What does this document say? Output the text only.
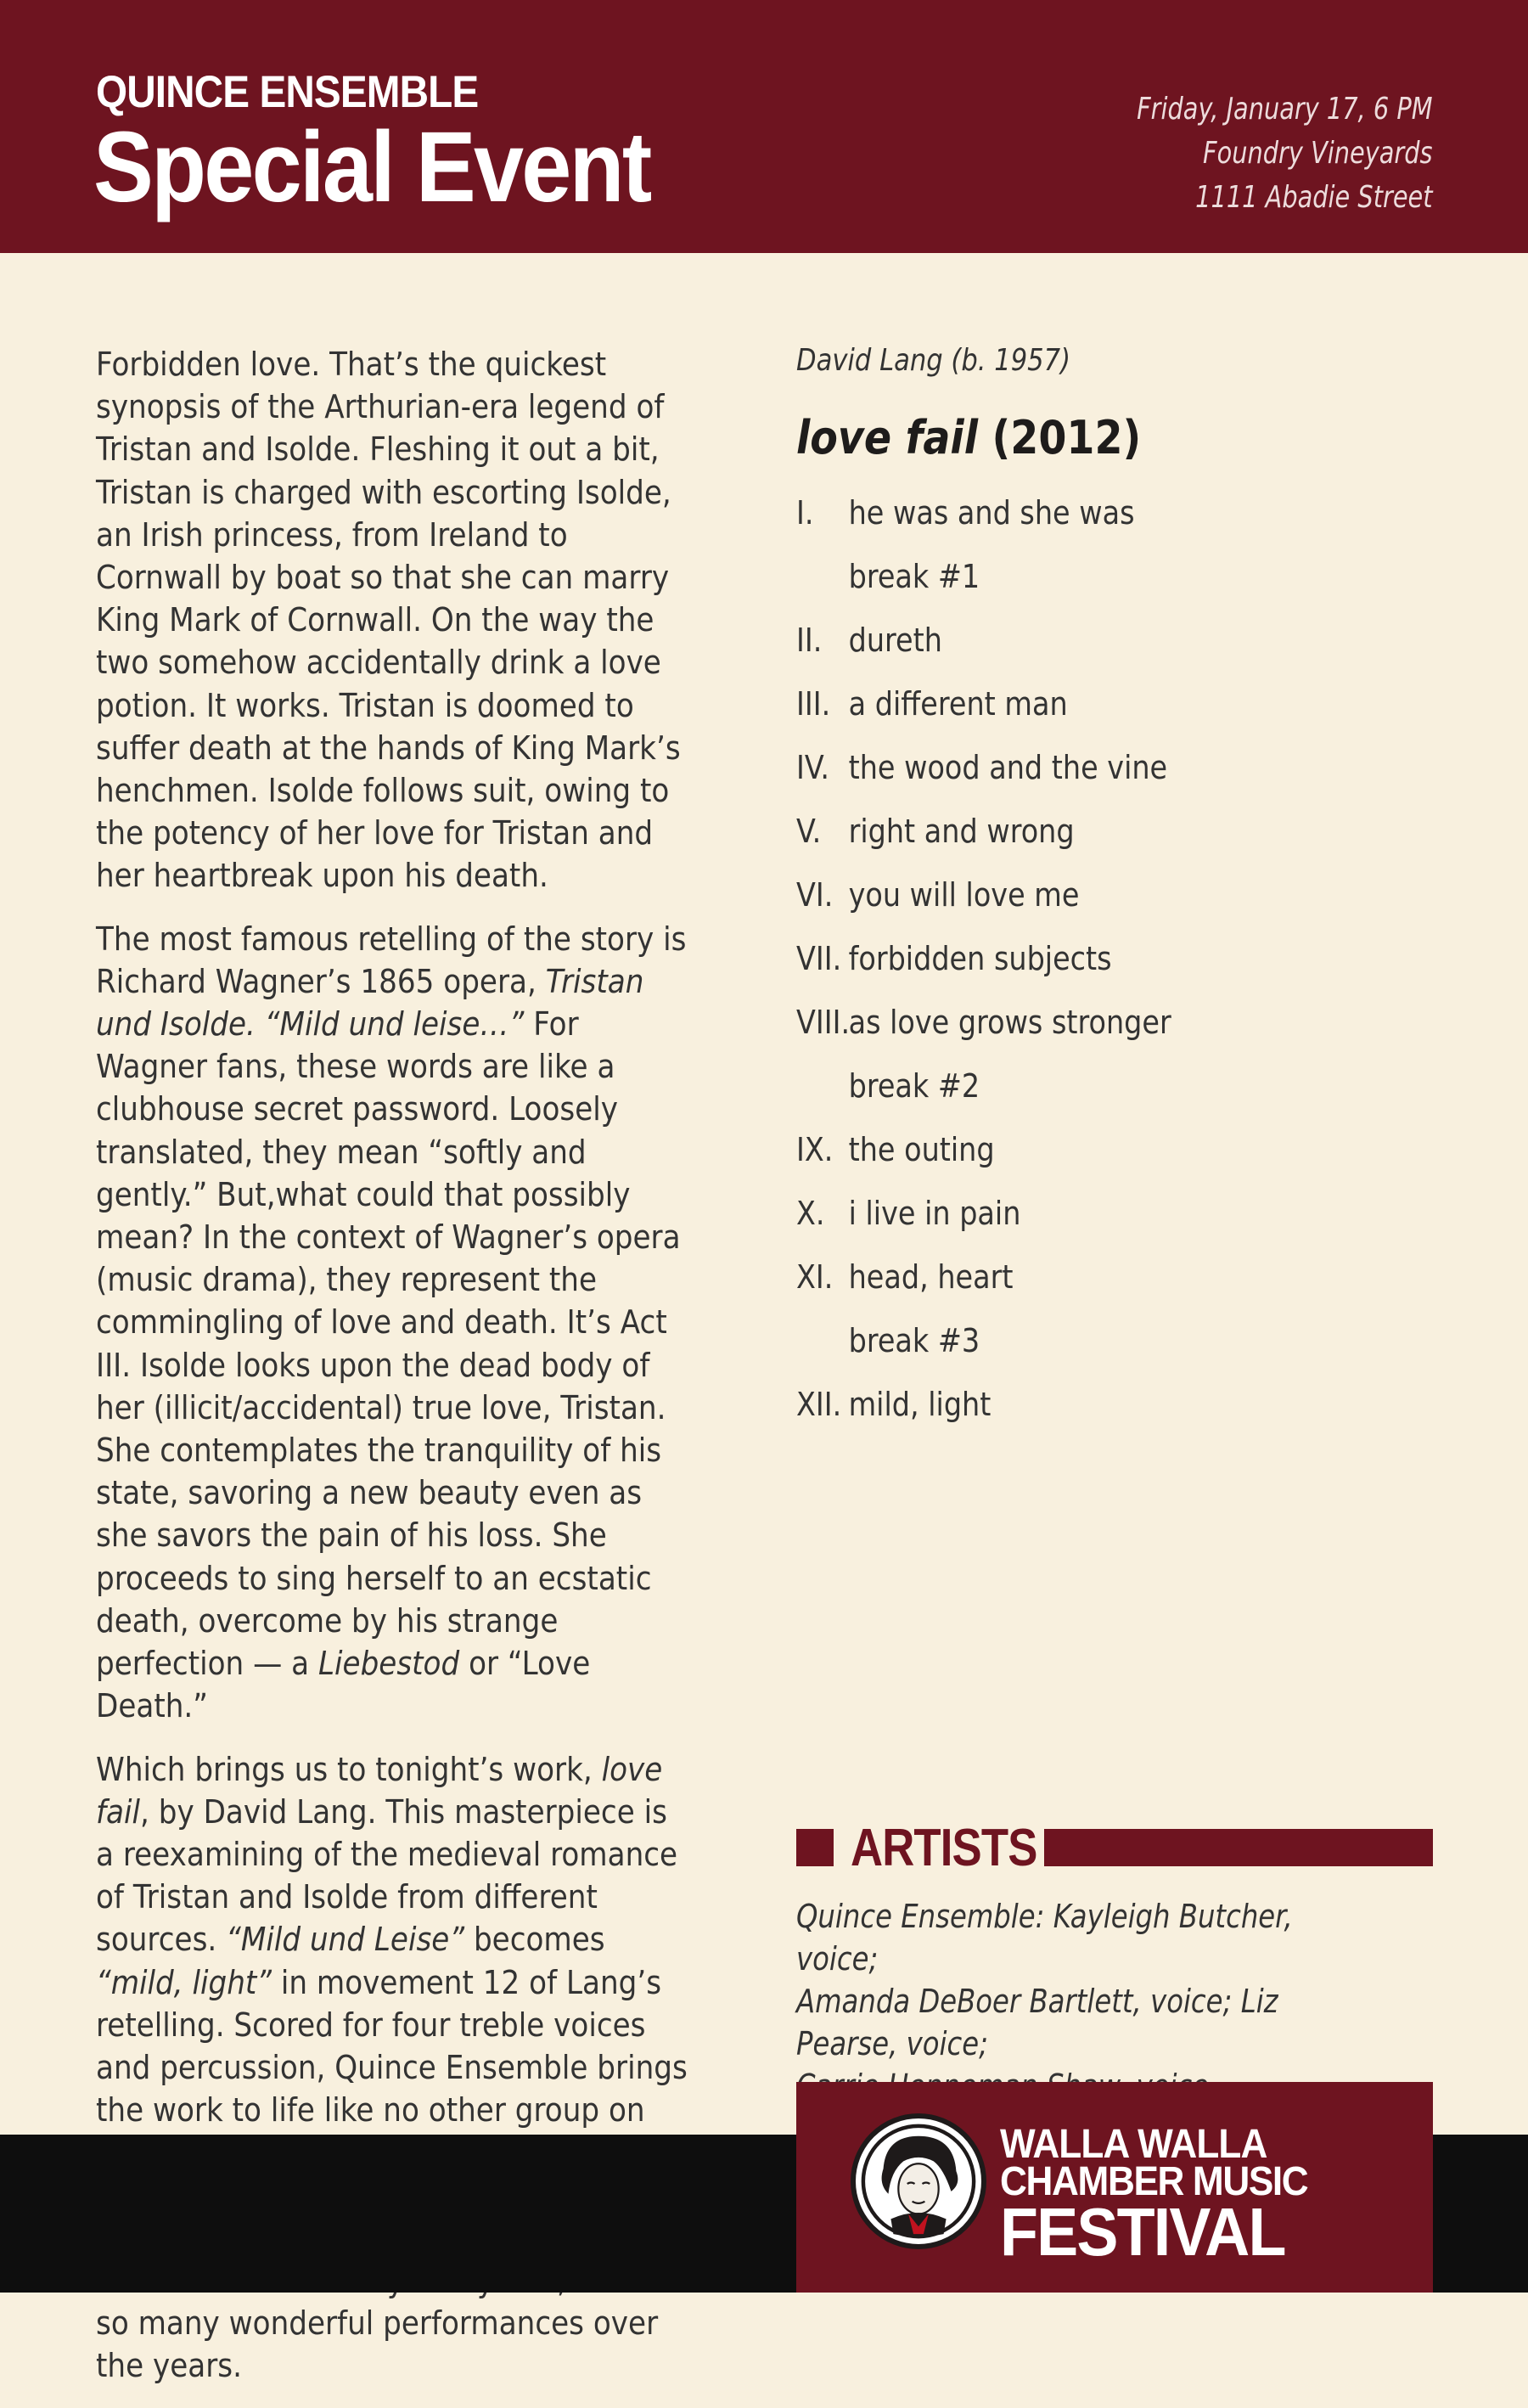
QUINCE ENSEMBLE
Special Event
Friday, January 17, 6 PM
Foundry Vineyards
1111 Abadie Street

Forbidden love. That’s the quickest synopsis of the Arthurian-era legend of Tristan and Isolde. Fleshing it out a bit, Tristan is charged with escorting Isolde, an Irish princess, from Ireland to Cornwall by boat so that she can marry King Mark of Cornwall. On the way the two somehow accidentally drink a love potion. It works. Tristan is doomed to suffer death at the hands of King Mark’s henchmen. Isolde follows suit, owing to the potency of her love for Tristan and her heartbreak upon his death.

The most famous retelling of the story is Richard Wagner’s 1865 opera, Tristan und Isolde. “Mild und leise…” For Wagner fans, these words are like a clubhouse secret password. Loosely translated, they mean “softly and gently.” But,what could that possibly mean? In the context of Wagner’s opera (music drama), they represent the commingling of love and death. It’s Act III. Isolde looks upon the dead body of her (illicit/accidental) true love, Tristan. She contemplates the tranquility of his state, savoring a new beauty even as she savors the pain of his loss. She proceeds to sing herself to an ecstatic death, overcome by his strange perfection — a Liebestod or “Love Death.”

Which brings us to tonight’s work, love fail, by David Lang. This masterpiece is a reexamining of the medieval romance of Tristan and Isolde from different sources. “Mild und Leise” becomes “mild, light” in movement 12 of Lang’s retelling. Scored for four treble voices and percussion, Quince Ensemble brings the work to life like no other group on so many wonderful performances over the years.

David Lang (b. 1957)
love fail (2012)
I.	he was and she was
break #1
II. dureth
III. a different man
IV. the wood and the vine
V. right and wrong
VI. you will love me
VII. forbidden subjects
VIII.
as love grows stronger
break #2
IX. the outing
X. i live in pain
XI. head, heart
break #3
XII. mild, light
ARTISTS
Quince Ensemble: Kayleigh Butcher, voice;
Amanda DeBoer Bartlett, voice; Liz Pearse, voice;
WALLA WALLA
CHAMBER MUSIC
FESTIVAL
